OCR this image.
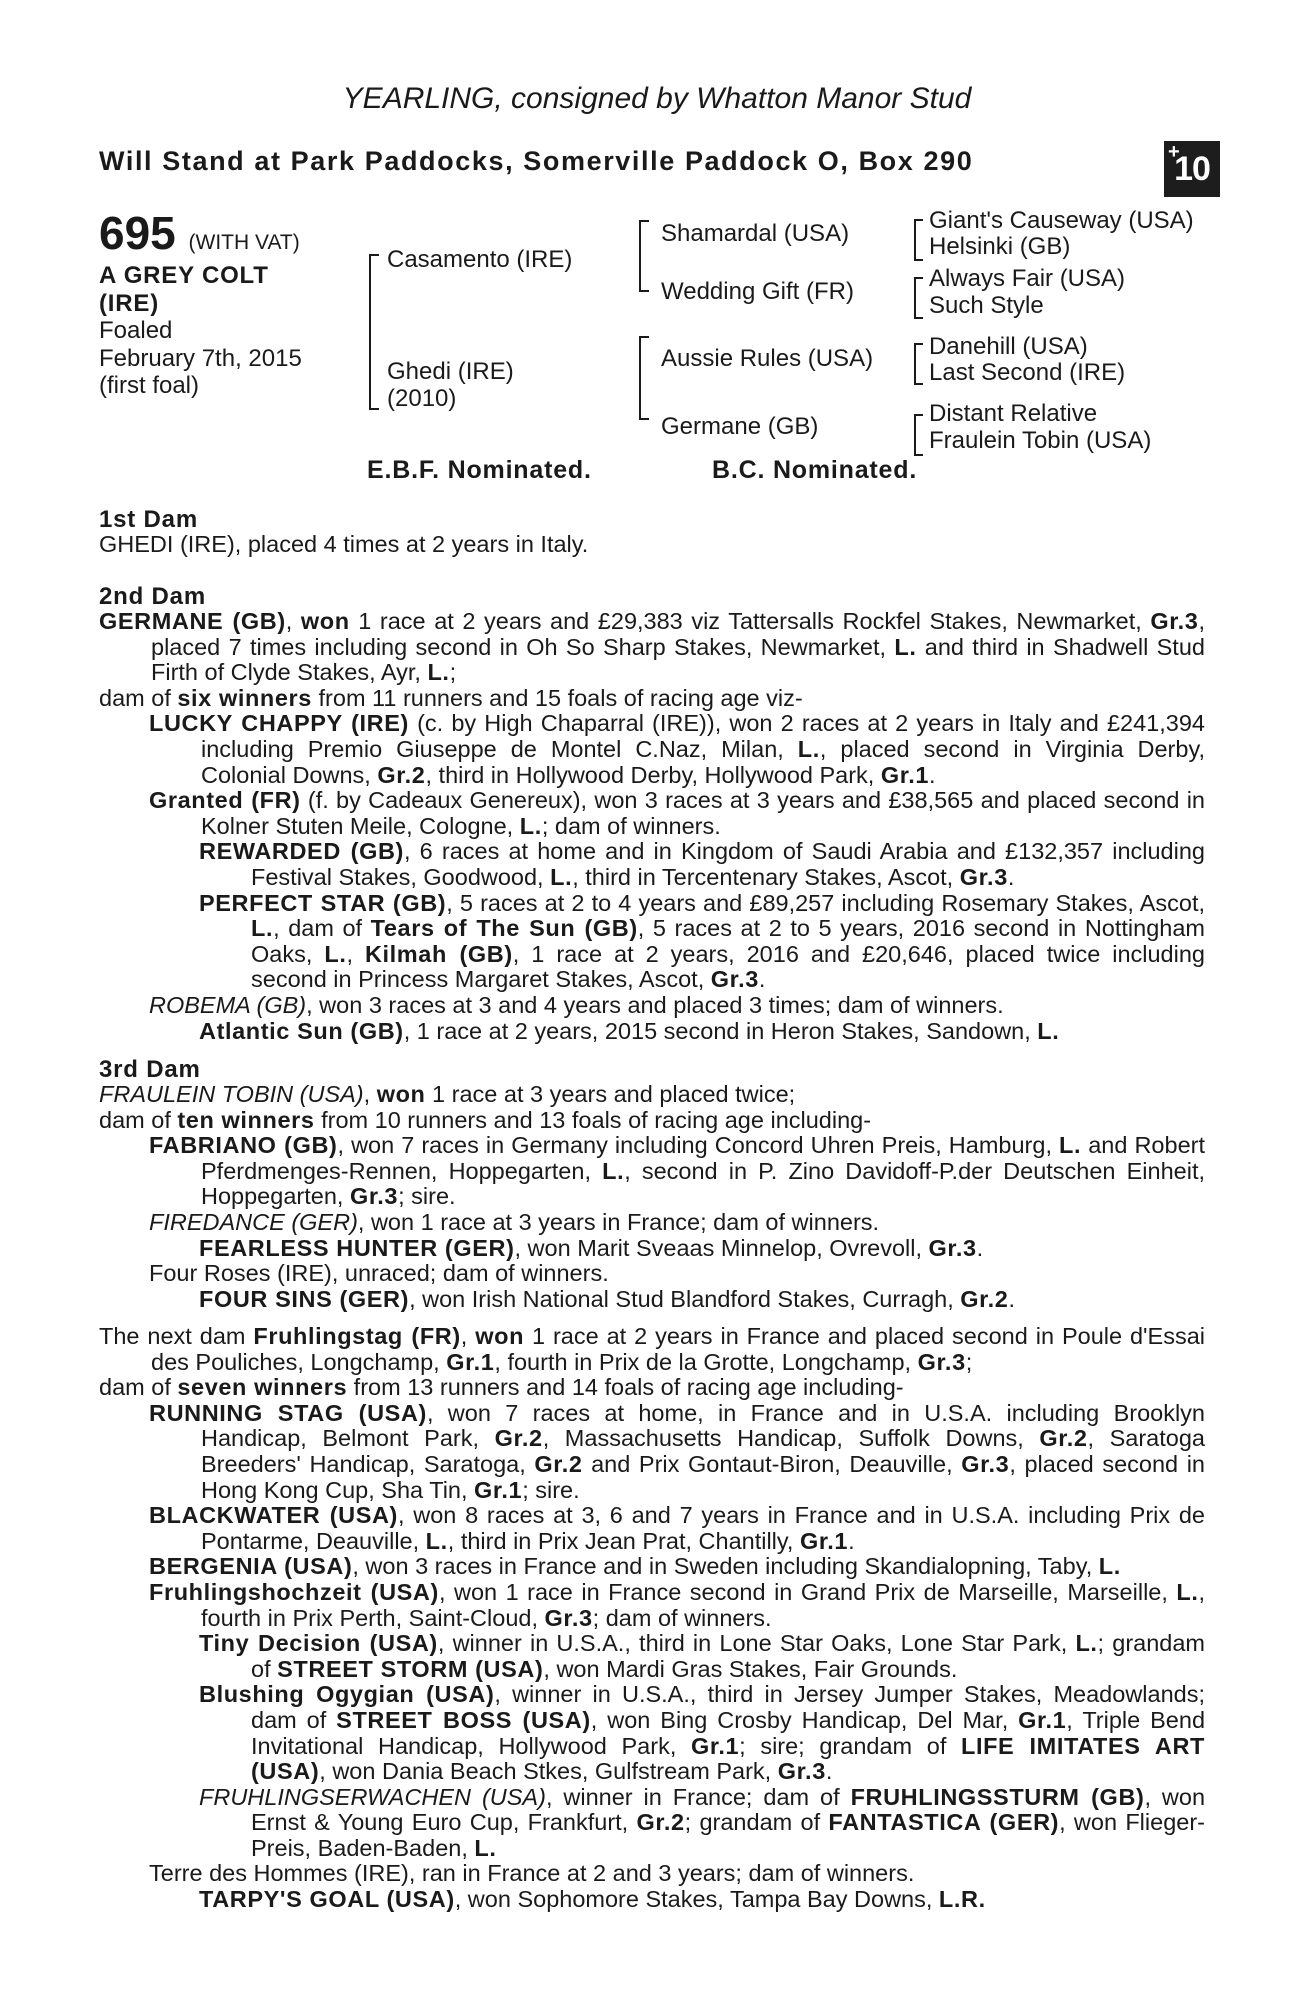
YEARLING, consigned by Whatton Manor Stud
Will Stand at Park Paddocks, Somerville Paddock O, Box 290	+
10
695 (WITH VAT)
A GREY COLT
(IRE)
Foaled
February 7th, 2015
(first foal)
Casamento (IRE)
Ghedi (IRE)
(2010)
Shamardal (USA)
Wedding Gift (FR)
Aussie Rules (USA)
Germane (GB)
Giant's Causeway (USA)
Helsinki (GB)
Always Fair (USA)
Such Style
Danehill (USA)
Last Second (IRE)
Distant Relative
Fraulein Tobin (USA)
E.B.F. Nominated.	B.C. Nominated.
1st Dam
GHEDI (IRE), placed 4 times at 2 years in Italy.
2nd Dam
GERMANE (GB), won 1 race at 2 years and £29,383 viz Tattersalls Rockfel Stakes, Newmarket, Gr.3, placed 7 times including second in Oh So Sharp Stakes, Newmarket, L. and third in Shadwell Stud Firth of Clyde Stakes, Ayr, L.;
dam of six winners from 11 runners and 15 foals of racing age viz-
LUCKY CHAPPY (IRE) (c. by High Chaparral (IRE)), won 2 races at 2 years in Italy and £241,394 including Premio Giuseppe de Montel C.Naz, Milan, L., placed second in Virginia Derby, Colonial Downs, Gr.2, third in Hollywood Derby, Hollywood Park, Gr.1.
Granted (FR) (f. by Cadeaux Genereux), won 3 races at 3 years and £38,565 and placed second in Kolner Stuten Meile, Cologne, L.; dam of winners.
REWARDED (GB), 6 races at home and in Kingdom of Saudi Arabia and £132,357 including Festival Stakes, Goodwood, L., third in Tercentenary Stakes, Ascot, Gr.3.
PERFECT STAR (GB), 5 races at 2 to 4 years and £89,257 including Rosemary Stakes, Ascot, L., dam of Tears of The Sun (GB), 5 races at 2 to 5 years, 2016 second in Nottingham Oaks, L., Kilmah (GB), 1 race at 2 years, 2016 and £20,646, placed twice including second in Princess Margaret Stakes, Ascot, Gr.3.
ROBEMA (GB), won 3 races at 3 and 4 years and placed 3 times; dam of winners.
Atlantic Sun (GB), 1 race at 2 years, 2015 second in Heron Stakes, Sandown, L.
3rd Dam
FRAULEIN TOBIN (USA), won 1 race at 3 years and placed twice;
dam of ten winners from 10 runners and 13 foals of racing age including-
FABRIANO (GB), won 7 races in Germany including Concord Uhren Preis, Hamburg, L. and Robert Pferdmenges-Rennen, Hoppegarten, L., second in P. Zino Davidoff-P.der Deutschen Einheit, Hoppegarten, Gr.3; sire.
FIREDANCE (GER), won 1 race at 3 years in France; dam of winners.
FEARLESS HUNTER (GER), won Marit Sveaas Minnelop, Ovrevoll, Gr.3.
Four Roses (IRE), unraced; dam of winners.
FOUR SINS (GER), won Irish National Stud Blandford Stakes, Curragh, Gr.2.
The next dam Fruhlingstag (FR), won 1 race at 2 years in France and placed second in Poule d'Essai des Pouliches, Longchamp, Gr.1, fourth in Prix de la Grotte, Longchamp, Gr.3;
dam of seven winners from 13 runners and 14 foals of racing age including-
RUNNING STAG (USA), won 7 races at home, in France and in U.S.A. including Brooklyn Handicap, Belmont Park, Gr.2, Massachusetts Handicap, Suffolk Downs, Gr.2, Saratoga Breeders' Handicap, Saratoga, Gr.2 and Prix Gontaut-Biron, Deauville, Gr.3, placed second in Hong Kong Cup, Sha Tin, Gr.1; sire.
BLACKWATER (USA), won 8 races at 3, 6 and 7 years in France and in U.S.A. including Prix de Pontarme, Deauville, L., third in Prix Jean Prat, Chantilly, Gr.1.
BERGENIA (USA), won 3 races in France and in Sweden including Skandialopning, Taby, L.
Fruhlingshochzeit (USA), won 1 race in France second in Grand Prix de Marseille, Marseille, L., fourth in Prix Perth, Saint-Cloud, Gr.3; dam of winners.
Tiny Decision (USA), winner in U.S.A., third in Lone Star Oaks, Lone Star Park, L.; grandam of STREET STORM (USA), won Mardi Gras Stakes, Fair Grounds.
Blushing Ogygian (USA), winner in U.S.A., third in Jersey Jumper Stakes, Meadowlands; dam of STREET BOSS (USA), won Bing Crosby Handicap, Del Mar, Gr.1, Triple Bend Invitational Handicap, Hollywood Park, Gr.1; sire; grandam of LIFE IMITATES ART (USA), won Dania Beach Stkes, Gulfstream Park, Gr.3.
FRUHLINGSERWACHEN (USA), winner in France; dam of FRUHLINGSSTURM (GB), won Ernst & Young Euro Cup, Frankfurt, Gr.2; grandam of FANTASTICA (GER), won Flieger-Preis, Baden-Baden, L.
Terre des Hommes (IRE), ran in France at 2 and 3 years; dam of winners.
TARPY'S GOAL (USA), won Sophomore Stakes, Tampa Bay Downs, L.R.
